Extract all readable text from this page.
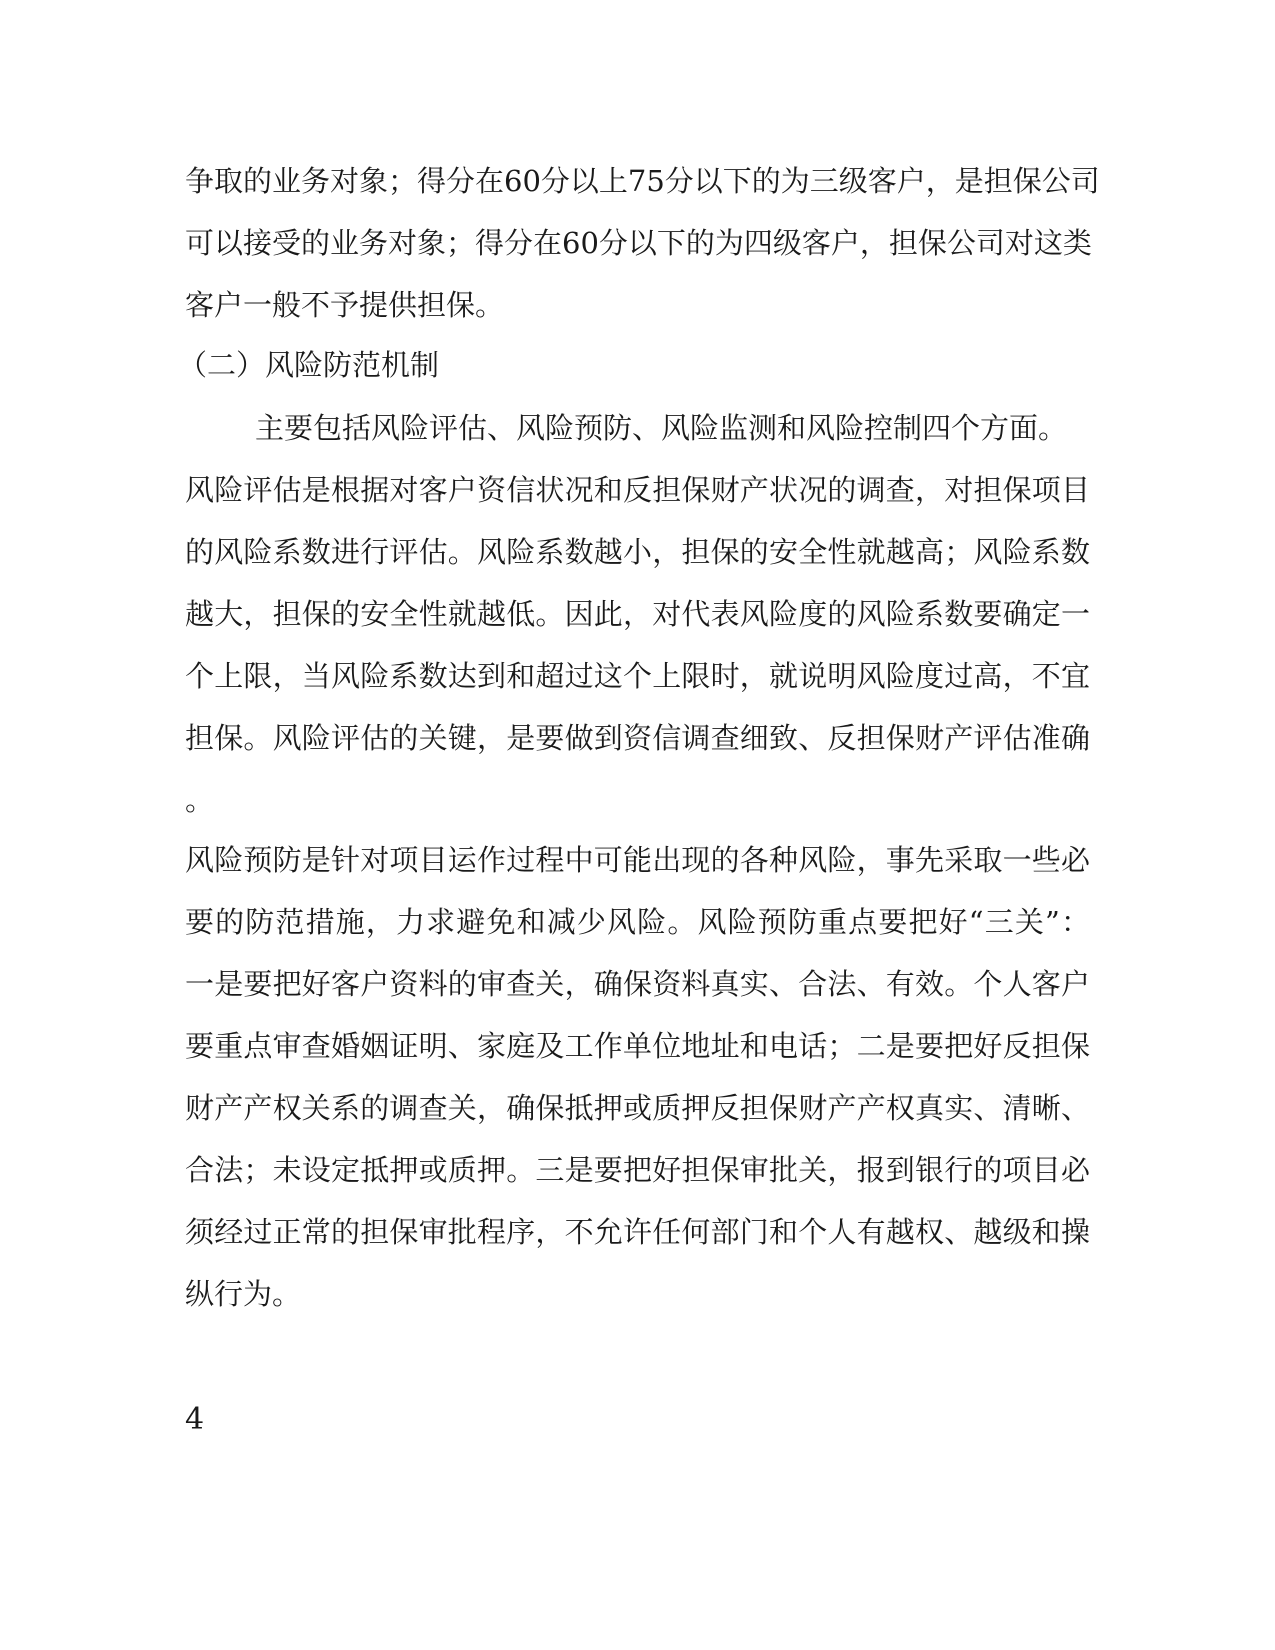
争取的业务对象；得分在60分以上75分以下的为三级客户，是担保公司
可以接受的业务对象；得分在60分以下的为四级客户，担保公司对这类
客户一般不予提供担保。
（二）风险防范机制
主要包括风险评估、风险预防、风险监测和风险控制四个方面。
风险评估是根据对客户资信状况和反担保财产状况的调查，对担保项目
的风险系数进行评估。风险系数越小，担保的安全性就越高；风险系数
越大，担保的安全性就越低。因此，对代表风险度的风险系数要确定一
个上限，当风险系数达到和超过这个上限时，就说明风险度过高，不宜
担保。风险评估的关键，是要做到资信调查细致、反担保财产评估准确
。
风险预防是针对项目运作过程中可能出现的各种风险，事先采取一些必
要的防范措施，力求避免和减少风险。风险预防重点要把好“三关”：
一是要把好客户资料的审查关，确保资料真实、合法、有效。个人客户
要重点审查婚姻证明、家庭及工作单位地址和电话；二是要把好反担保
财产产权关系的调查关，确保抵押或质押反担保财产产权真实、清晰、
合法；未设定抵押或质押。三是要把好担保审批关，报到银行的项目必
须经过正常的担保审批程序，不允许任何部门和个人有越权、越级和操
纵行为。
4
